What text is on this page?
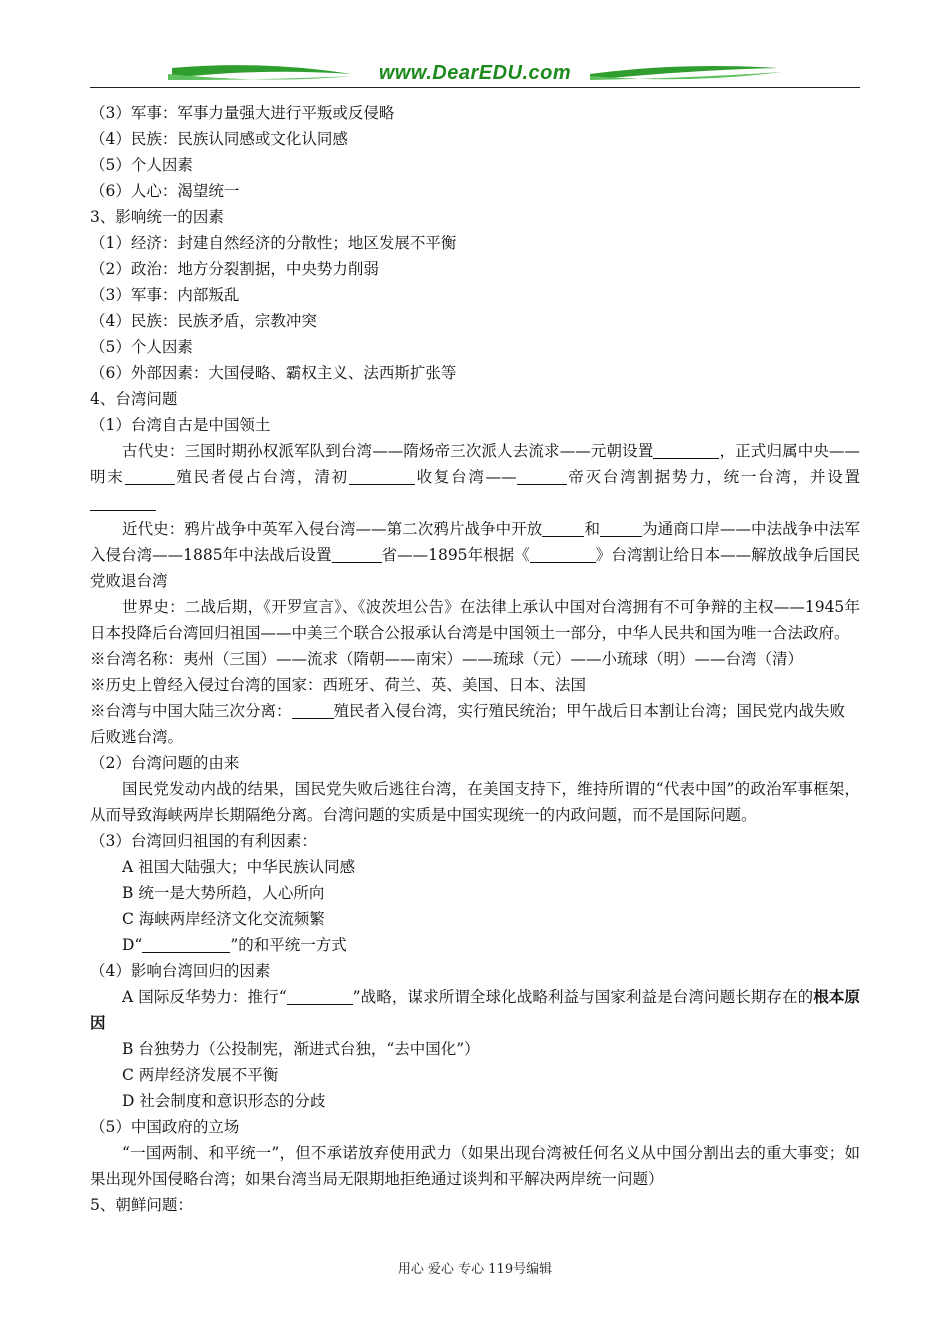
www.DearEDU.com

（3）军事：军事力量强大进行平叛或反侵略

（4）民族：民族认同感或文化认同感

（5）个人因素

（6）人心：渴望统一

3、影响统一的因素

（1）经济：封建自然经济的分散性；地区发展不平衡

（2）政治：地方分裂割据，中央势力削弱

（3）军事：内部叛乱

（4）民族：民族矛盾，宗教冲突

（5）个人因素

（6）外部因素：大国侵略、霸权主义、法西斯扩张等

4、台湾问题

（1）台湾自古是中国领土

古代史：三国时期孙权派军队到台湾——隋炀帝三次派人去流求——元朝设置	，正式归属中央——明末	殖民者侵占台湾，清初	收复台湾——	帝灭台湾割据势力，统一台湾，并设置

近代史：鸦片战争中英军入侵台湾——第二次鸦片战争中开放	和	为通商口岸——中法战争中法军入侵台湾——1885年中法战后设置	省——1895年根据《	》台湾割让给日本——解放战争后国民党败退台湾

世界史：二战后期，《开罗宣言》、《波茨坦公告》在法律上承认中国对台湾拥有不可争辩的主权——1945年日本投降后台湾回归祖国——中美三个联合公报承认台湾是中国领土一部分，中华人民共和国为唯一合法政府。

※台湾名称：夷州（三国）——流求（隋朝——南宋）——琉球（元）——小琉球（明）——台湾（清）

※历史上曾经入侵过台湾的国家：西班牙、荷兰、英、美国、日本、法国

※台湾与中国大陆三次分离：	殖民者入侵台湾，实行殖民统治；甲午战后日本割让台湾；国民党内战失败后败逃台湾。

（2）台湾问题的由来

国民党发动内战的结果，国民党失败后逃往台湾，在美国支持下，维持所谓的“代表中国”的政治军事框架，从而导致海峡两岸长期隔绝分离。台湾问题的实质是中国实现统一的内政问题，而不是国际问题。

（3）台湾回归祖国的有利因素：

A 祖国大陆强大；中华民族认同感

B 统一是大势所趋，人心所向

C 海峡两岸经济文化交流频繁

D“	”的和平统一方式

（4）影响台湾回归的因素

A 国际反华势力：推行“	”战略，谋求所谓全球化战略利益与国家利益是台湾问题长期存在的根本原因

B 台独势力（公投制宪，渐进式台独，“去中国化”）

C 两岸经济发展不平衡

D 社会制度和意识形态的分歧

（5）中国政府的立场

“一国两制、和平统一”，但不承诺放弃使用武力（如果出现台湾被任何名义从中国分割出去的重大事变；如果出现外国侵略台湾；如果台湾当局无限期地拒绝通过谈判和平解决两岸统一问题）

5、朝鲜问题：

用心 爱心 专心 119号编辑
